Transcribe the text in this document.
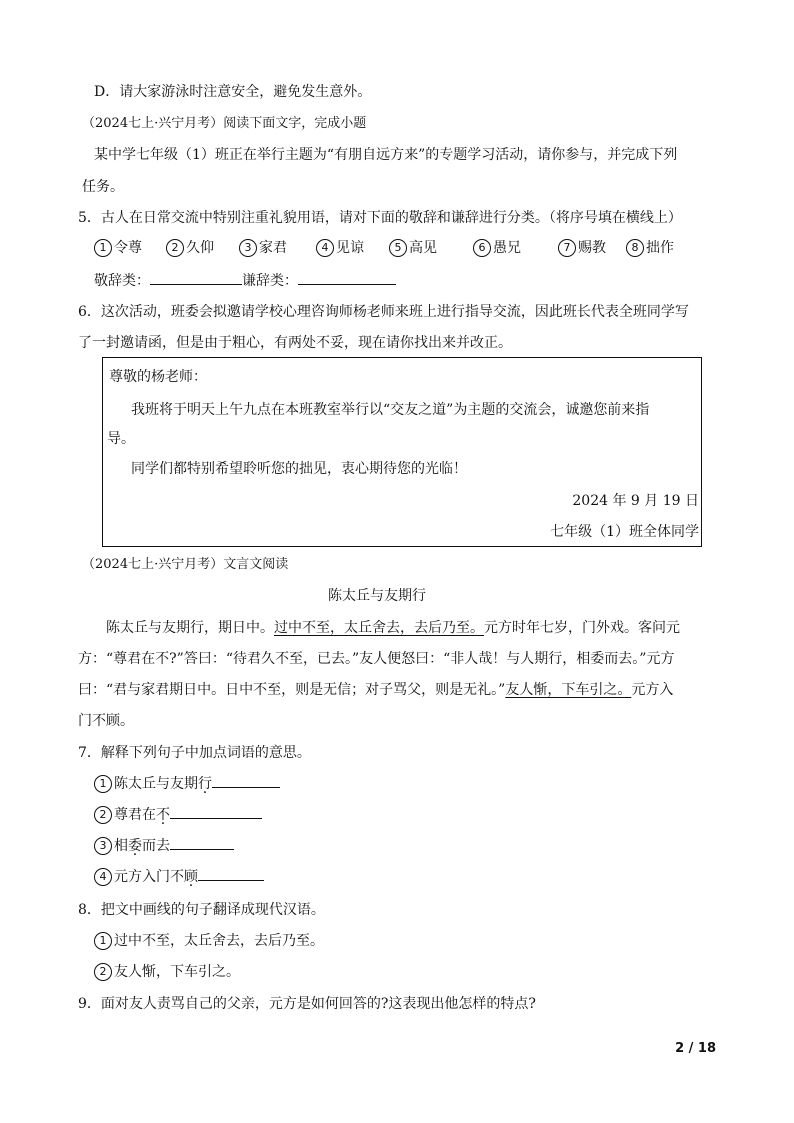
D．请大家游泳时注意安全，避免发生意外。
（2024七上·兴宁月考）阅读下面文字，完成小题
某中学七年级（1）班正在举行主题为“有朋自远方来”的专题学习活动，请你参与，并完成下列
任务。
5．古人在日常交流中特别注重礼貌用语，请对下面的敬辞和谦辞进行分类。（将序号填在横线上）
1 令尊	2 久仰	3 家君	4 见谅	5 高见	6 愚兄	7 赐教	8 拙作
敬辞类：	谦辞类：
6．这次活动，班委会拟邀请学校心理咨询师杨老师来班上进行指导交流，因此班长代表全班同学写
了一封邀请函，但是由于粗心，有两处不妥，现在请你找出来并改正。
尊敬的杨老师：
我班将于明天上午九点在本班教室举行以“交友之道”为主题的交流会，诚邀您前来指
导。
同学们都特别希望聆听您的拙见，衷心期待您的光临！
2024 年 9 月 19 日
七年级（1）班全体同学
（2024七上·兴宁月考）文言文阅读
陈太丘与友期行
陈太丘与友期行，期日中。过中不至，太丘舍去，去后乃至。元方时年七岁，门外戏。客问元
方：“尊君在不?”答曰：“待君久不至，已去。”友人便怒曰：“非人哉！与人期行，相委而去。”元方
曰：“君与家君期日中。日中不至，则是无信；对子骂父，则是无礼。”友人惭，下车引之。元方入
门不顾。
7．解释下列句子中加点词语的意思。
1 陈太丘与友期行
2 尊君在不
3 相委而去
4 元方入门不顾
8．把文中画线的句子翻译成现代汉语。
1 过中不至，太丘舍去，去后乃至。
2 友人惭，下车引之。
9．面对友人责骂自己的父亲，元方是如何回答的?这表现出他怎样的特点?
2 / 18
